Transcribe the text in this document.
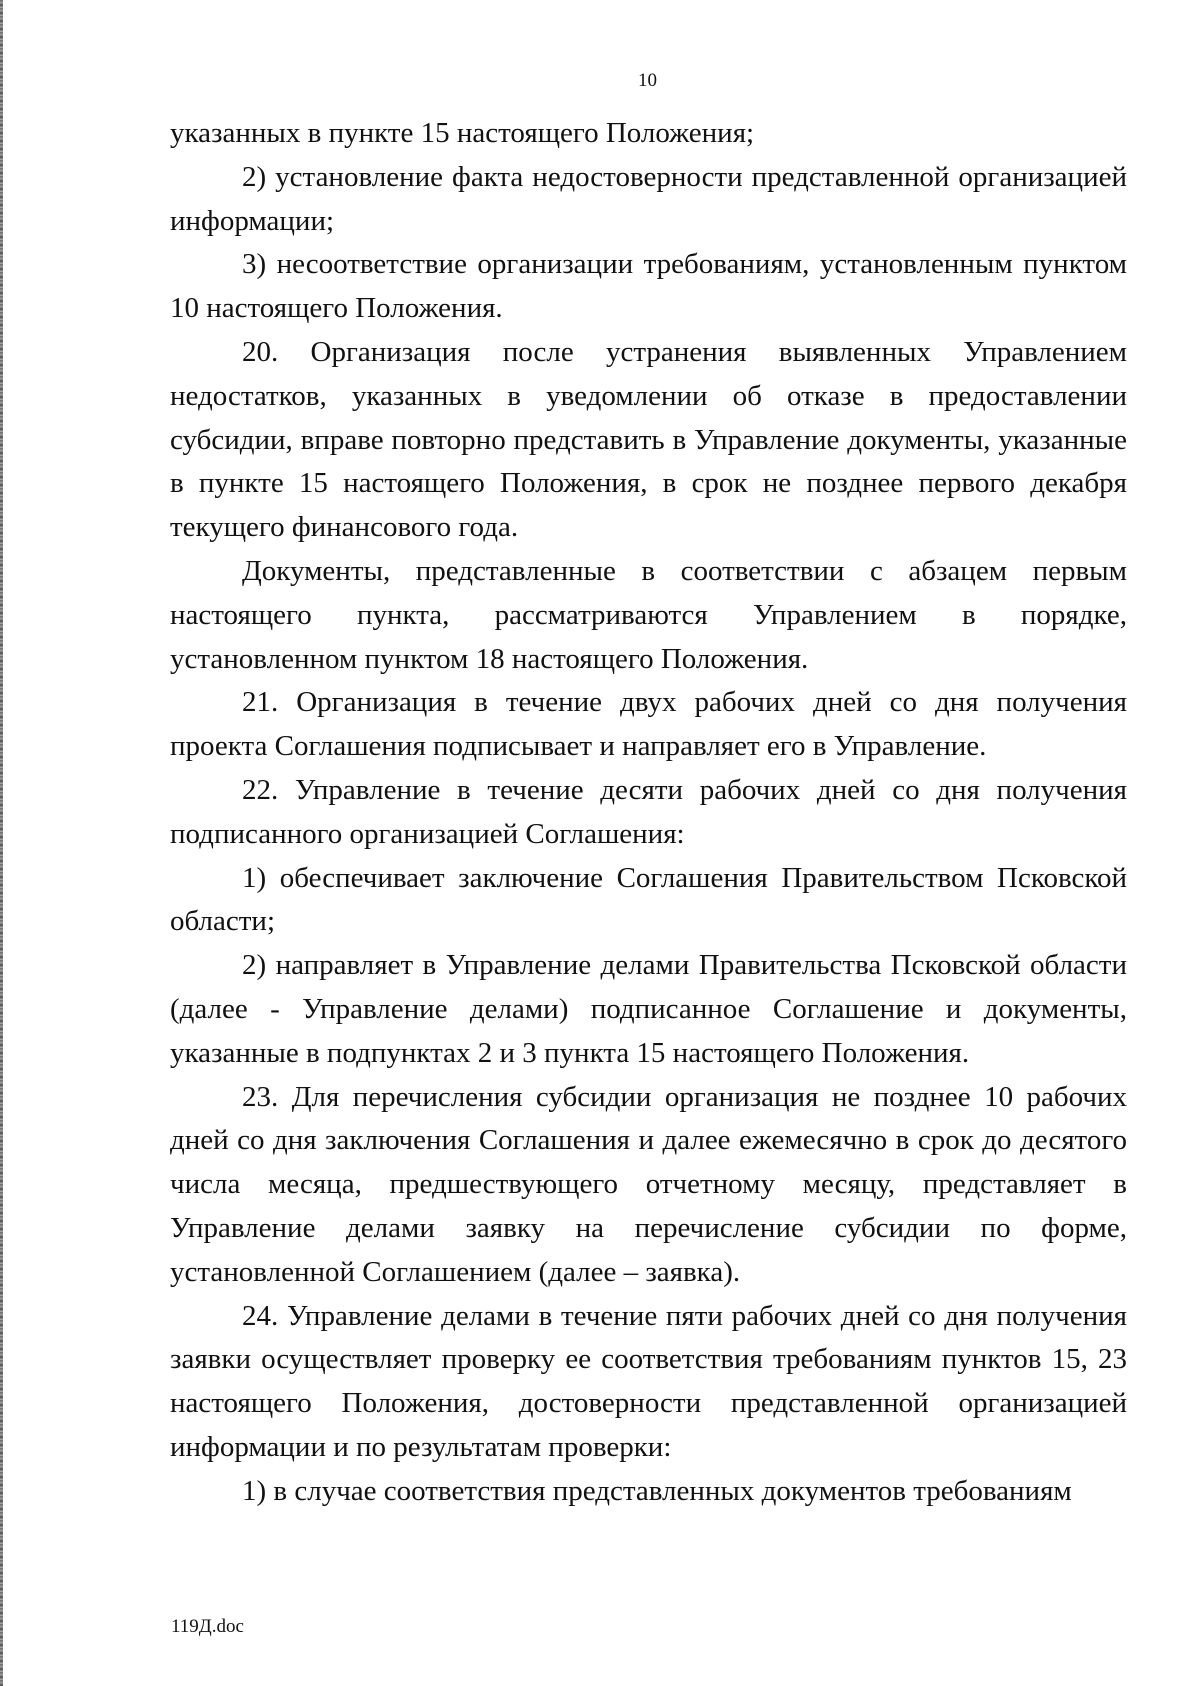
10

указанных в пункте 15 настоящего Положения;

2) установление факта недостоверности представленной организацией информации;

3) несоответствие организации требованиям, установленным пунктом 10 настоящего Положения.

20. Организация после устранения выявленных Управлением недостатков, указанных в уведомлении об отказе в предоставлении субсидии, вправе повторно представить в Управление документы, указанные в пункте 15 настоящего Положения, в срок не позднее первого декабря текущего финансового года.

Документы, представленные в соответствии с абзацем первым настоящего пункта, рассматриваются Управлением в порядке, установленном пунктом 18 настоящего Положения.

21. Организация в течение двух рабочих дней со дня получения проекта Соглашения подписывает и направляет его в Управление.

22. Управление в течение десяти рабочих дней со дня получения подписанного организацией Соглашения:

1) обеспечивает заключение Соглашения Правительством Псковской области;

2) направляет в Управление делами Правительства Псковской области (далее - Управление делами) подписанное Соглашение и документы, указанные в подпунктах 2 и 3 пункта 15 настоящего Положения.

23. Для перечисления субсидии организация не позднее 10 рабочих дней со дня заключения Соглашения и далее ежемесячно в срок до десятого числа месяца, предшествующего отчетному месяцу, представляет в Управление делами заявку на перечисление субсидии по форме, установленной Соглашением (далее – заявка).

24. Управление делами в течение пяти рабочих дней со дня получения заявки осуществляет проверку ее соответствия требованиям пунктов 15, 23 настоящего Положения, достоверности представленной организацией информации и по результатам проверки:

1) в случае соответствия представленных документов требованиям

119Д.doc
